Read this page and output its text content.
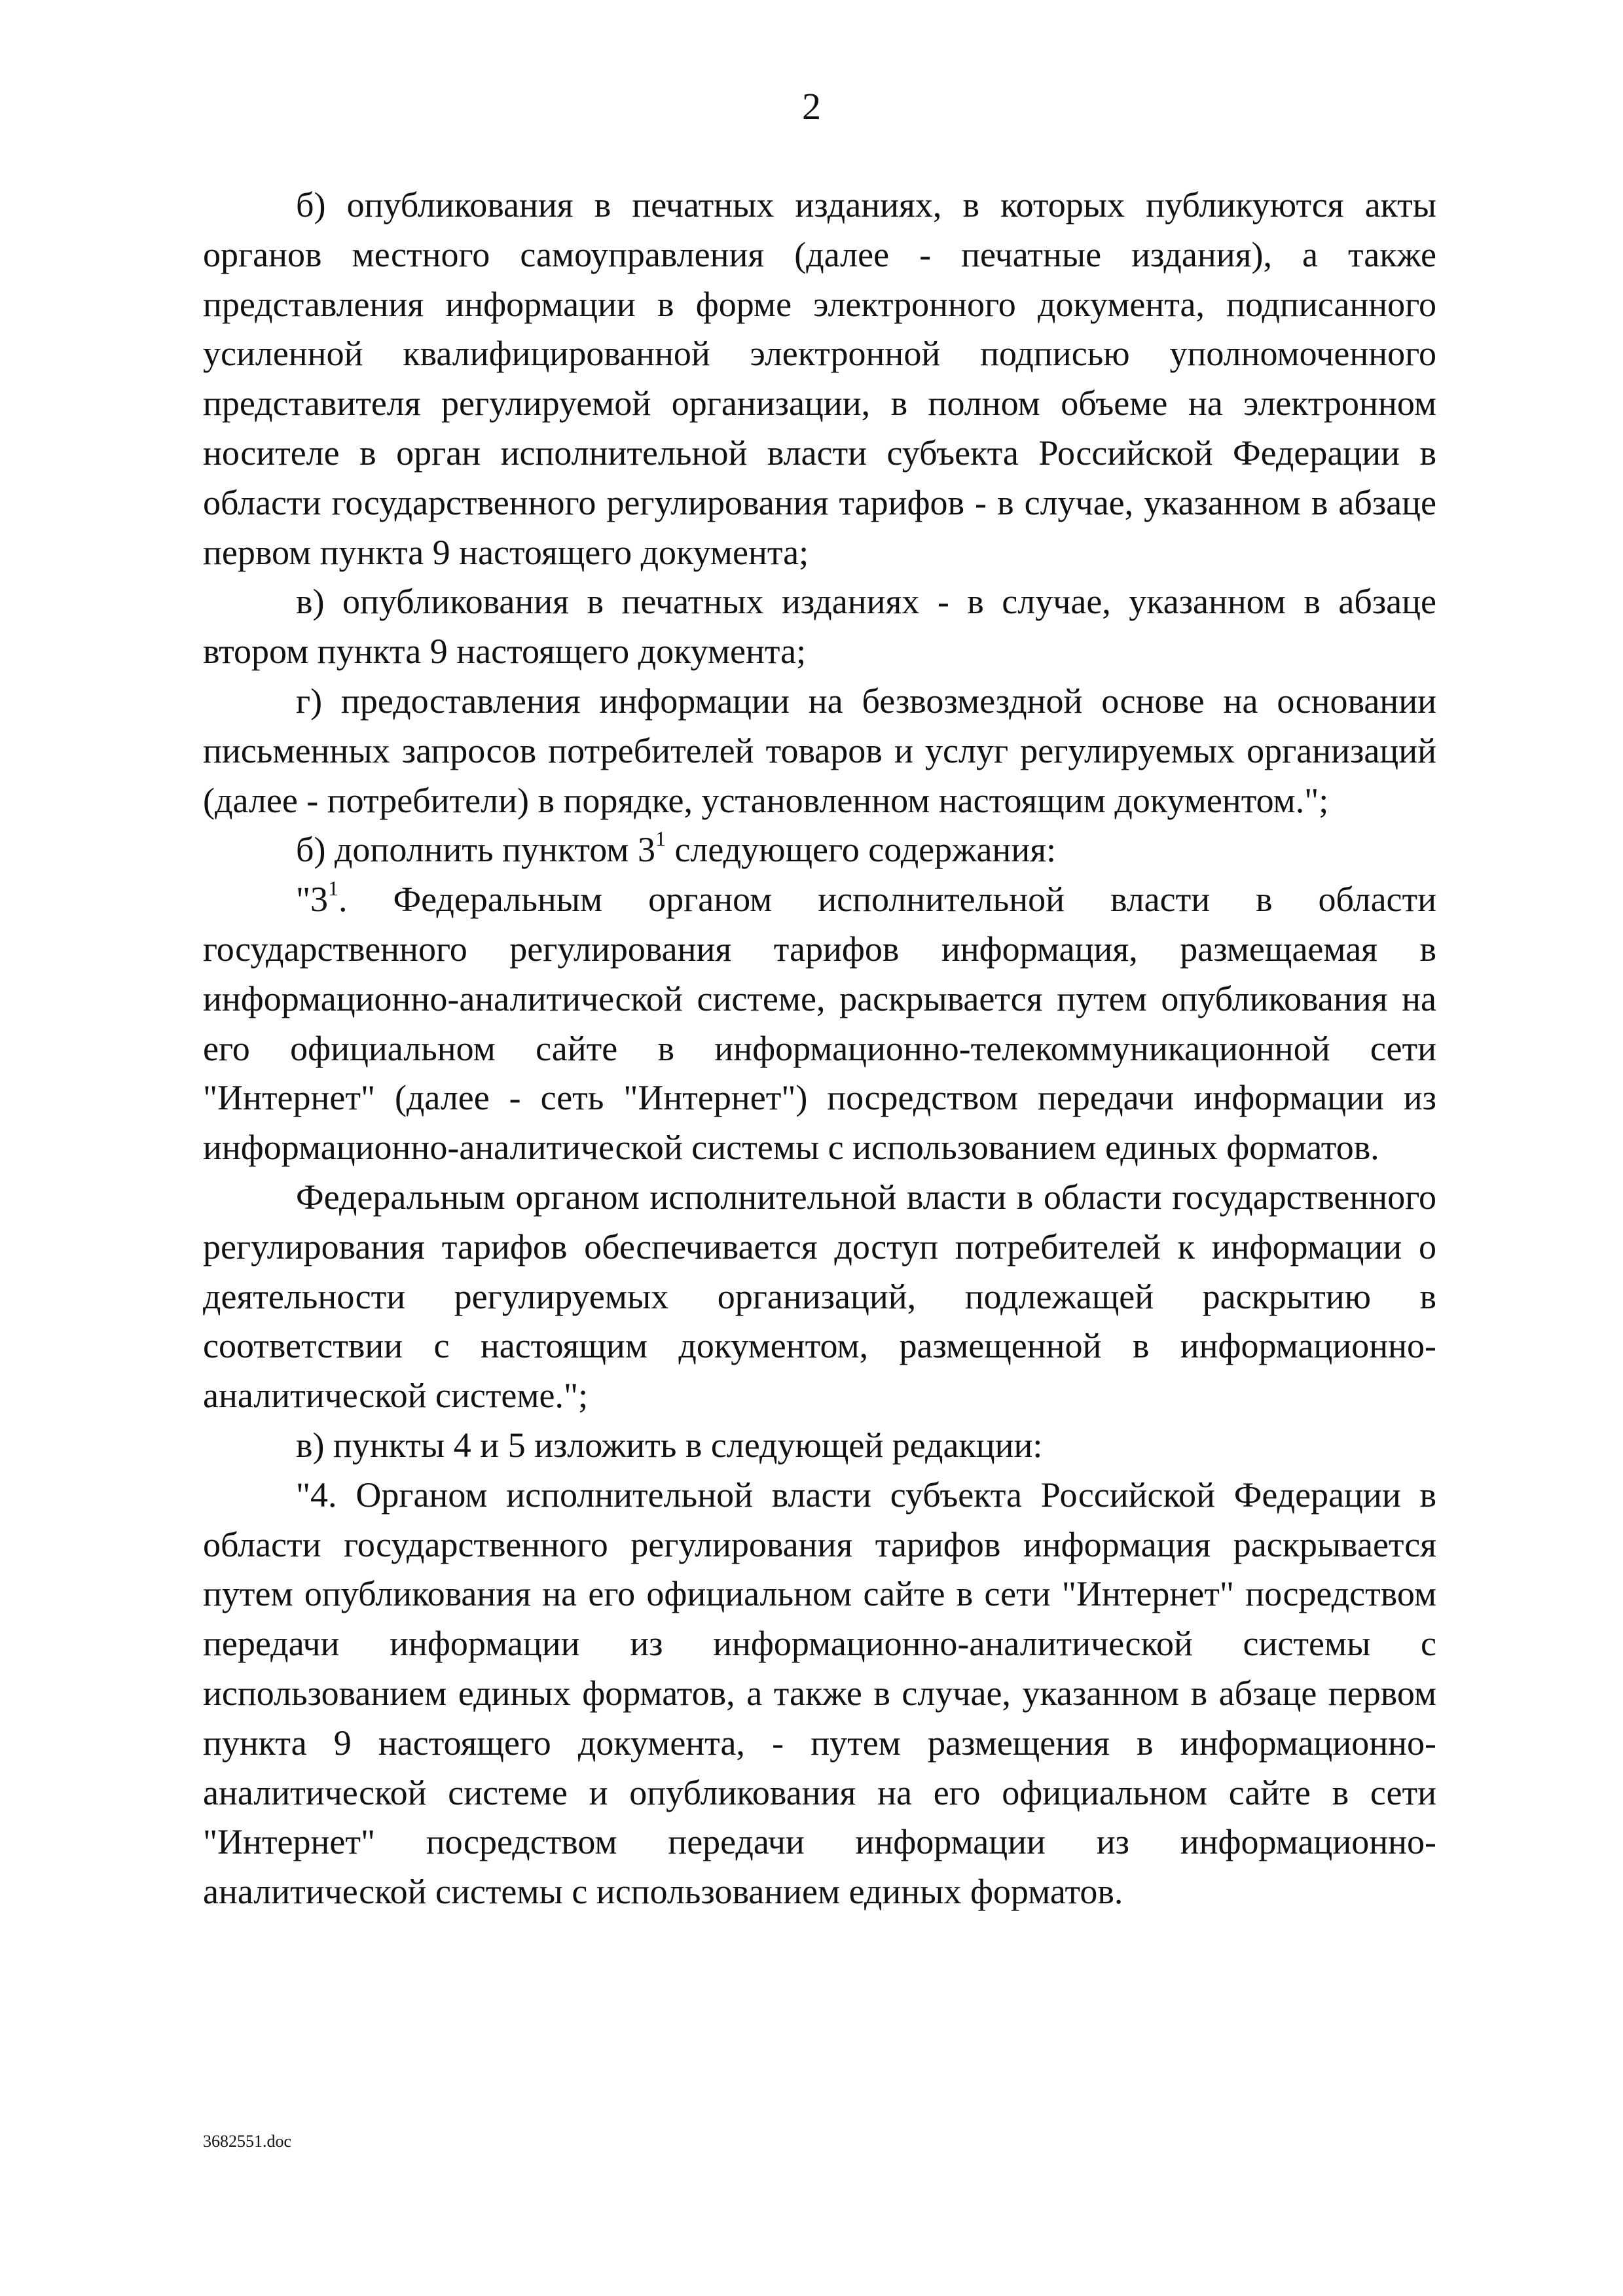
2

б) опубликования в печатных изданиях, в которых публикуются акты органов местного самоуправления (далее - печатные издания), а также представления информации в форме электронного документа, подписанного усиленной квалифицированной электронной подписью уполномоченного представителя регулируемой организации, в полном объеме на электронном носителе в орган исполнительной власти субъекта Российской Федерации в области государственного регулирования тарифов - в случае, указанном в абзаце первом пункта 9 настоящего документа;

в) опубликования в печатных изданиях - в случае, указанном в абзаце втором пункта 9 настоящего документа;

г) предоставления информации на безвозмездной основе на основании письменных запросов потребителей товаров и услуг регулируемых организаций (далее - потребители) в порядке, установленном настоящим документом.";

б) дополнить пунктом $3^1$ следующего содержания:

"$3^1$. Федеральным органом исполнительной власти в области государственного регулирования тарифов информация, размещаемая в информационно-аналитической системе, раскрывается путем опубликования на его официальном сайте в информационно-телекоммуникационной сети "Интернет" (далее - сеть "Интернет") посредством передачи информации из информационно-аналитической системы с использованием единых форматов.

Федеральным органом исполнительной власти в области государственного регулирования тарифов обеспечивается доступ потребителей к информации о деятельности регулируемых организаций, подлежащей раскрытию в соответствии с настоящим документом, размещенной в информационно-аналитической системе.";

в) пункты 4 и 5 изложить в следующей редакции:

"4. Органом исполнительной власти субъекта Российской Федерации в области государственного регулирования тарифов информация раскрывается путем опубликования на его официальном сайте в сети "Интернет" посредством передачи информации из информационно-аналитической системы с использованием единых форматов, а также в случае, указанном в абзаце первом пункта 9 настоящего документа, - путем размещения в информационно-аналитической системе и опубликования на его официальном сайте в сети "Интернет" посредством передачи информации из информационно-аналитической системы с использованием единых форматов.

3682551.doc
